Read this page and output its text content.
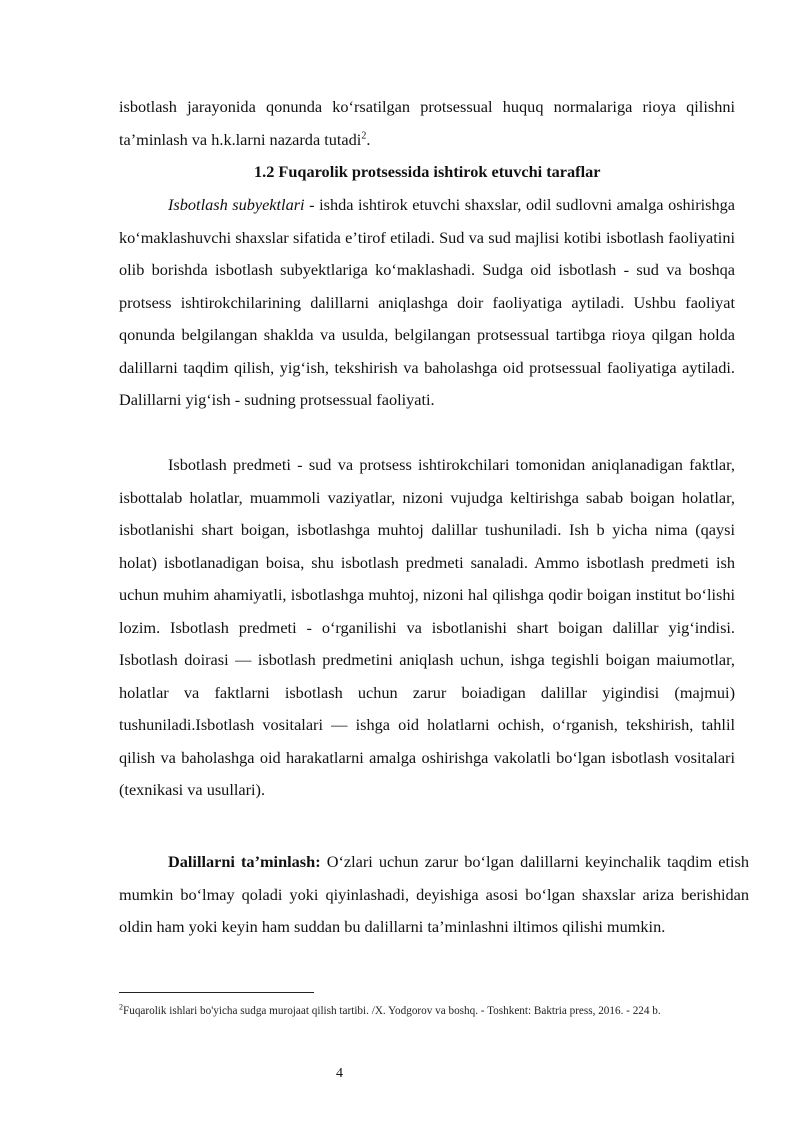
isbotlash jarayonida qonunda koʻrsatilgan protsessual huquq normalariga rioya qilishni taʼminlash va h.k.larni nazarda tutadi$^2$.

1.2 Fuqarolik protsessida ishtirok etuvchi taraflar

Isbotlash subyektlari - ishda ishtirok etuvchi shaxslar, odil sudlovni amalga oshirishga koʻmaklashuvchi shaxslar sifatida eʼtirof etiladi. Sud va sud majlisi kotibi isbotlash faoliyatini olib borishda isbotlash subyektlariga koʻmaklashadi. Sudga oid isbotlash - sud va boshqa protsess ishtirokchilarining dalillarni aniqlashga doir faoliyatiga aytiladi. Ushbu faoliyat qonunda belgilangan shaklda va usulda, belgilangan protsessual tartibga rioya qilgan holda dalillarni taqdim qilish, yigʻish, tekshirish va baholashga oid protsessual faoliyatiga aytiladi. Dalillarni yigʻish - sudning protsessual faoliyati.

Isbotlash predmeti - sud va protsess ishtirokchilari tomonidan aniqlanadigan faktlar, isbottalab holatlar, muammoli vaziyatlar, nizoni vujudga keltirishga sabab boigan holatlar, isbotlanishi shart boigan, isbotlashga muhtoj dalillar tushuniladi. Ish b yicha nima (qaysi holat) isbotlanadigan boisa, shu isbotlash predmeti sanaladi. Ammo isbotlash predmeti ish uchun muhim ahamiyatli, isbotlashga muhtoj, nizoni hal qilishga qodir boigan institut boʻlishi lozim. Isbotlash predmeti - oʻrganilishi va isbotlanishi shart boigan dalillar yigʻindisi. Isbotlash doirasi — isbotlash predmetini aniqlash uchun, ishga tegishli boigan maiumotlar, holatlar va faktlarni isbotlash uchun zarur boiadigan dalillar yigindisi (majmui) tushuniladi.Isbotlash vositalari — ishga oid holatlarni ochish, oʻrganish, tekshirish, tahlil qilish va baholashga oid harakatlarni amalga oshirishga vakolatli boʻlgan isbotlash vositalari (texnikasi va usullari).

Dalillarni taʼminlash: Oʻzlari uchun zarur boʻlgan dalillarni keyinchalik taqdim etish mumkin boʻlmay qoladi yoki qiyinlashadi, deyishiga asosi boʻlgan shaxslar ariza berishidan oldin ham yoki keyin ham suddan bu dalillarni taʼminlashni iltimos qilishi mumkin.

$^2$Fuqarolik ishlari bo'yicha sudga murojaat qilish tartibi. /X. Yodgorov va boshq. - Toshkent: Baktria press, 2016. - 224 b.

4
